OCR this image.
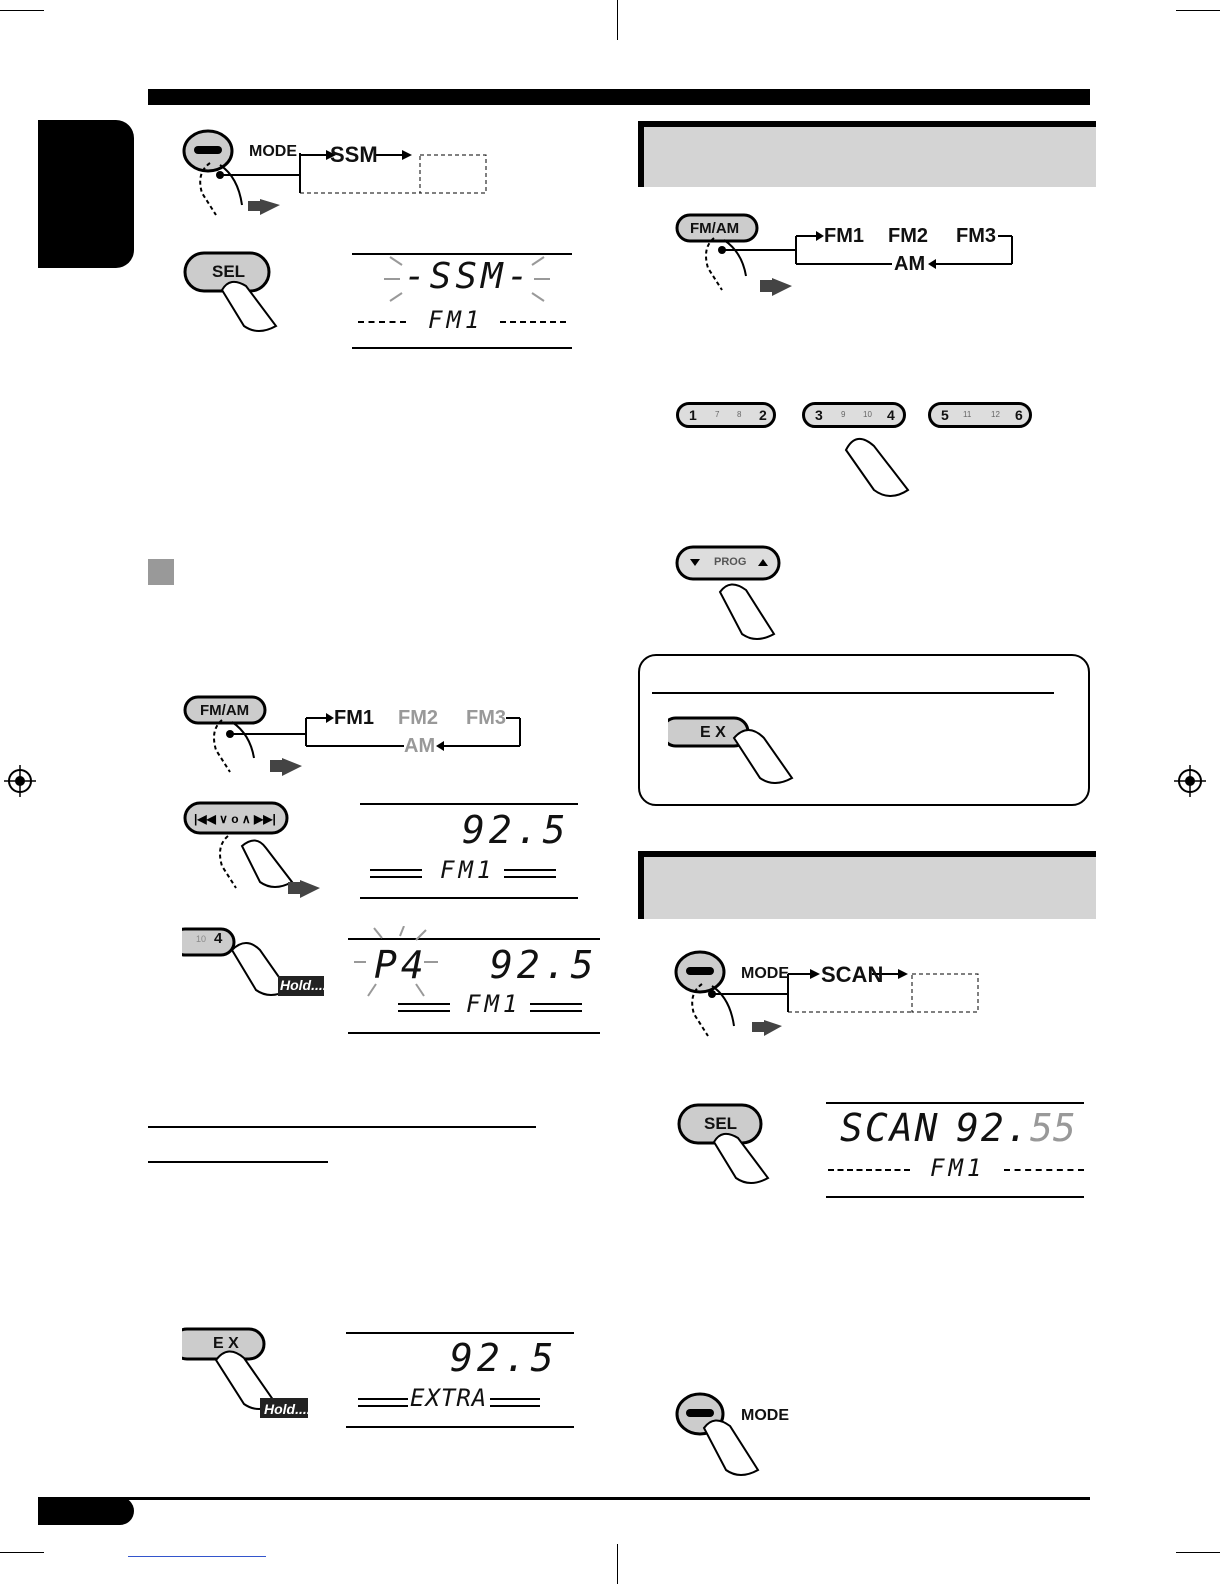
MODE SSM
SEL	-SSM-
FM1
FM/AM	FM1 FM2 FM3
AM
|◀◀ ∨ o ∧ ▶▶|	92.5
FM1
10 4
Hold.... P4 92.5
FM1
E X
Hold....
92.5
EXTRA
FM/AM	FM1 FM2 FM3
AM
1 7 8 2	3 9 10 4	5 11 12 6
PROG
E X
MODE SCAN
SEL	SCAN 92. 55
FM1
MODE
